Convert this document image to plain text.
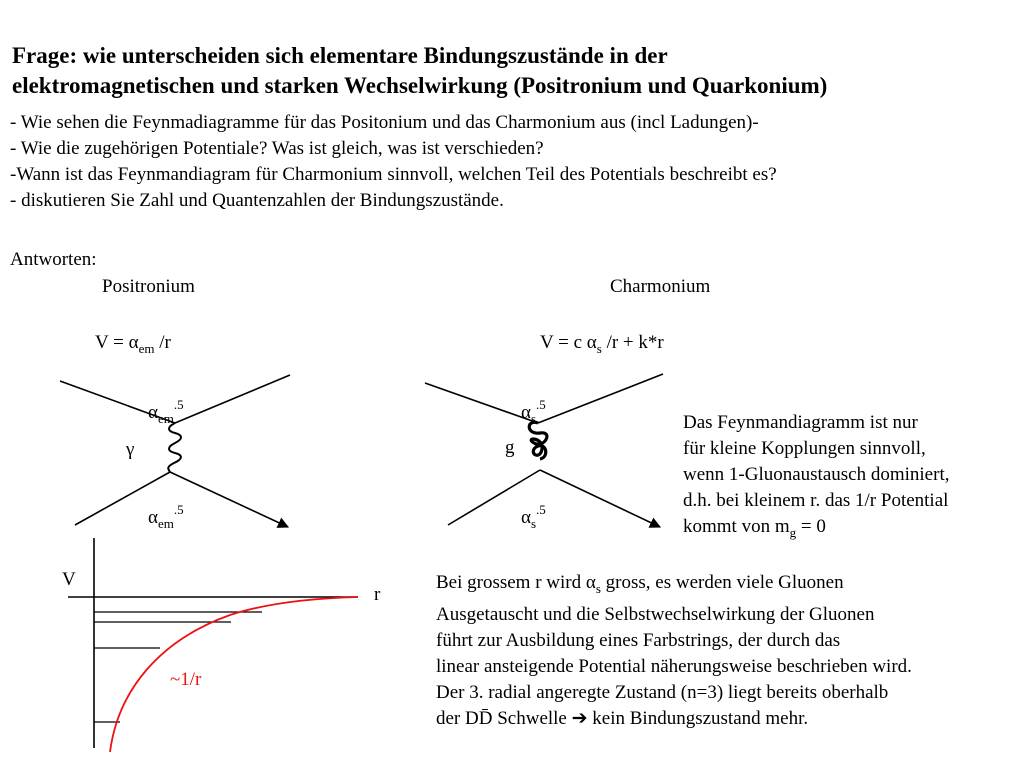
Frage: wie unterscheiden sich elementare Bindungszustände in der
elektromagnetischen und starken Wechselwirkung (Positronium und Quarkonium)
- Wie sehen die Feynmadiagramme für das Positonium und das Charmonium aus (incl Ladungen)-
- Wie die zugehörigen Potentiale? Was ist gleich, was ist verschieden?
-Wann ist das Feynmandiagram für Charmonium sinnvoll, welchen Teil des Potentials beschreibt es?
- diskutieren Sie Zahl und Quantenzahlen der Bindungszustände.
Antworten:
Positronium	Charmonium
$V = \alpha_{em}$ /r	V = c $\alpha_s$ /r + k*r
$\alpha_{em}^{.5}$
γ
$\alpha_{em}^{.5}$
$\alpha_s^{.5}$
g
$\alpha_s^{.5}$
Das Feynmandiagramm ist nur
für kleine Kopplungen sinnvoll,
wenn 1-Gluonaustausch dominiert,
d.h. bei kleinem r. das 1/r Potential
kommt von $m_g = 0$
V
r
~1/r
Bei grossem r wird $\alpha_s$ gross, es werden viele Gluonen
Ausgetauscht und die Selbstwechselwirkung der Gluonen
führt zur Ausbildung eines Farbstrings, der durch das
linear ansteigende Potential näherungsweise beschrieben wird.
Der 3. radial angeregte Zustand (n=3) liegt bereits oberhalb
der DD̄ Schwelle ➔ kein Bindungszustand mehr.
